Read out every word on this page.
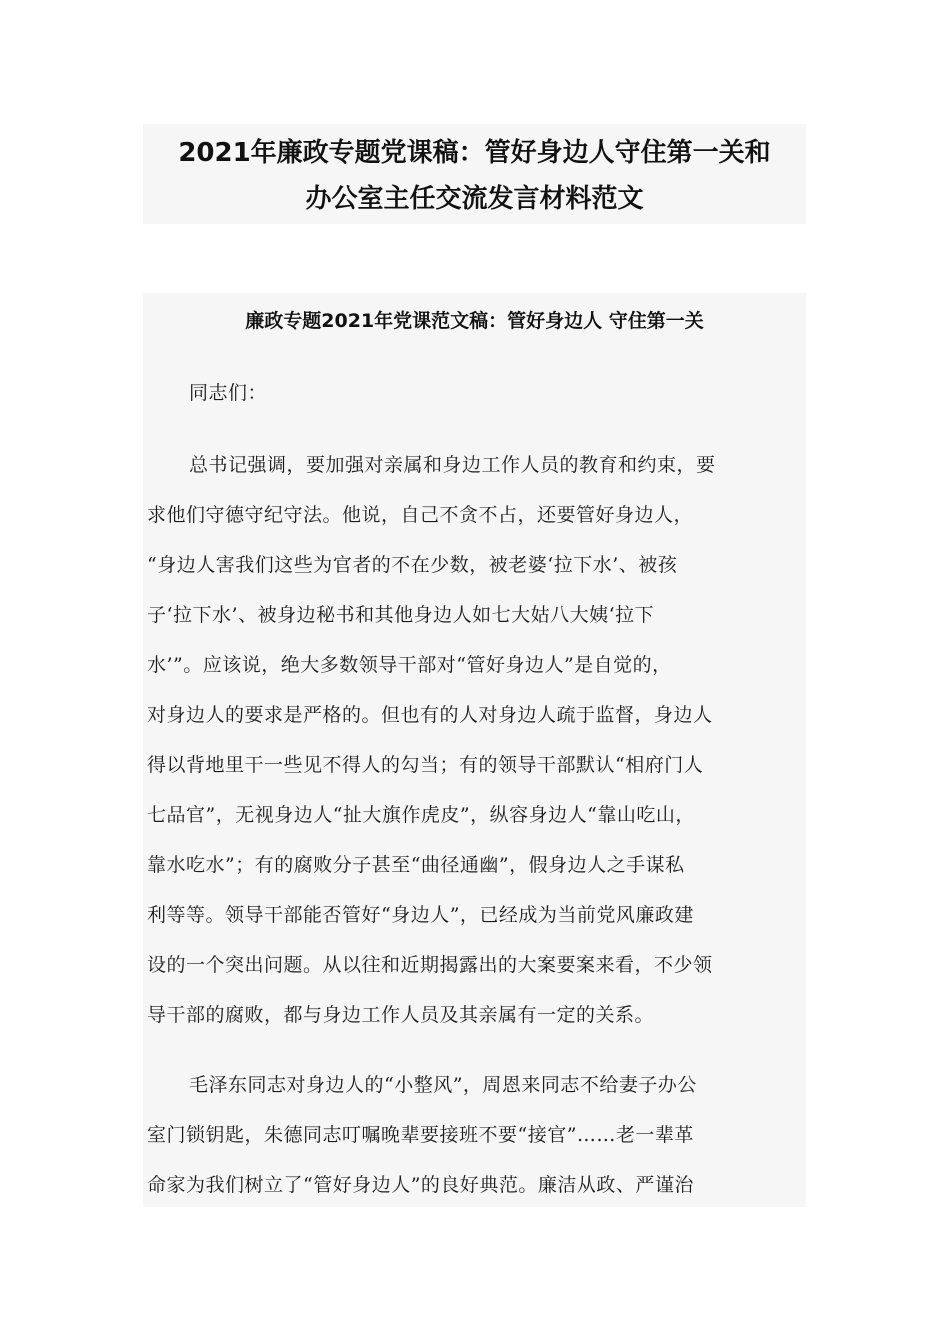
2021年廉政专题党课稿：管好身边人守住第一关和
办公室主任交流发言材料范文
廉政专题2021年党课范文稿：管好身边人 守住第一关
同志们：
总书记强调，要加强对亲属和身边工作人员的教育和约束，要
求他们守德守纪守法。他说，自己不贪不占，还要管好身边人，
“身边人害我们这些为官者的不在少数，被老婆‘拉下水’、被孩
子‘拉下水’、被身边秘书和其他身边人如七大姑八大姨‘拉下
水’”。应该说，绝大多数领导干部对“管好身边人”是自觉的，
对身边人的要求是严格的。但也有的人对身边人疏于监督，身边人
得以背地里干一些见不得人的勾当；有的领导干部默认“相府门人
七品官”，无视身边人“扯大旗作虎皮”，纵容身边人“靠山吃山，
靠水吃水”；有的腐败分子甚至“曲径通幽”，假身边人之手谋私
利等等。领导干部能否管好“身边人”，已经成为当前党风廉政建
设的一个突出问题。从以往和近期揭露出的大案要案来看，不少领
导干部的腐败，都与身边工作人员及其亲属有一定的关系。
毛泽东同志对身边人的“小整风”，周恩来同志不给妻子办公
室门锁钥匙，朱德同志叮嘱晚辈要接班不要“接官”……老一辈革
命家为我们树立了“管好身边人”的良好典范。廉洁从政、严谨治
